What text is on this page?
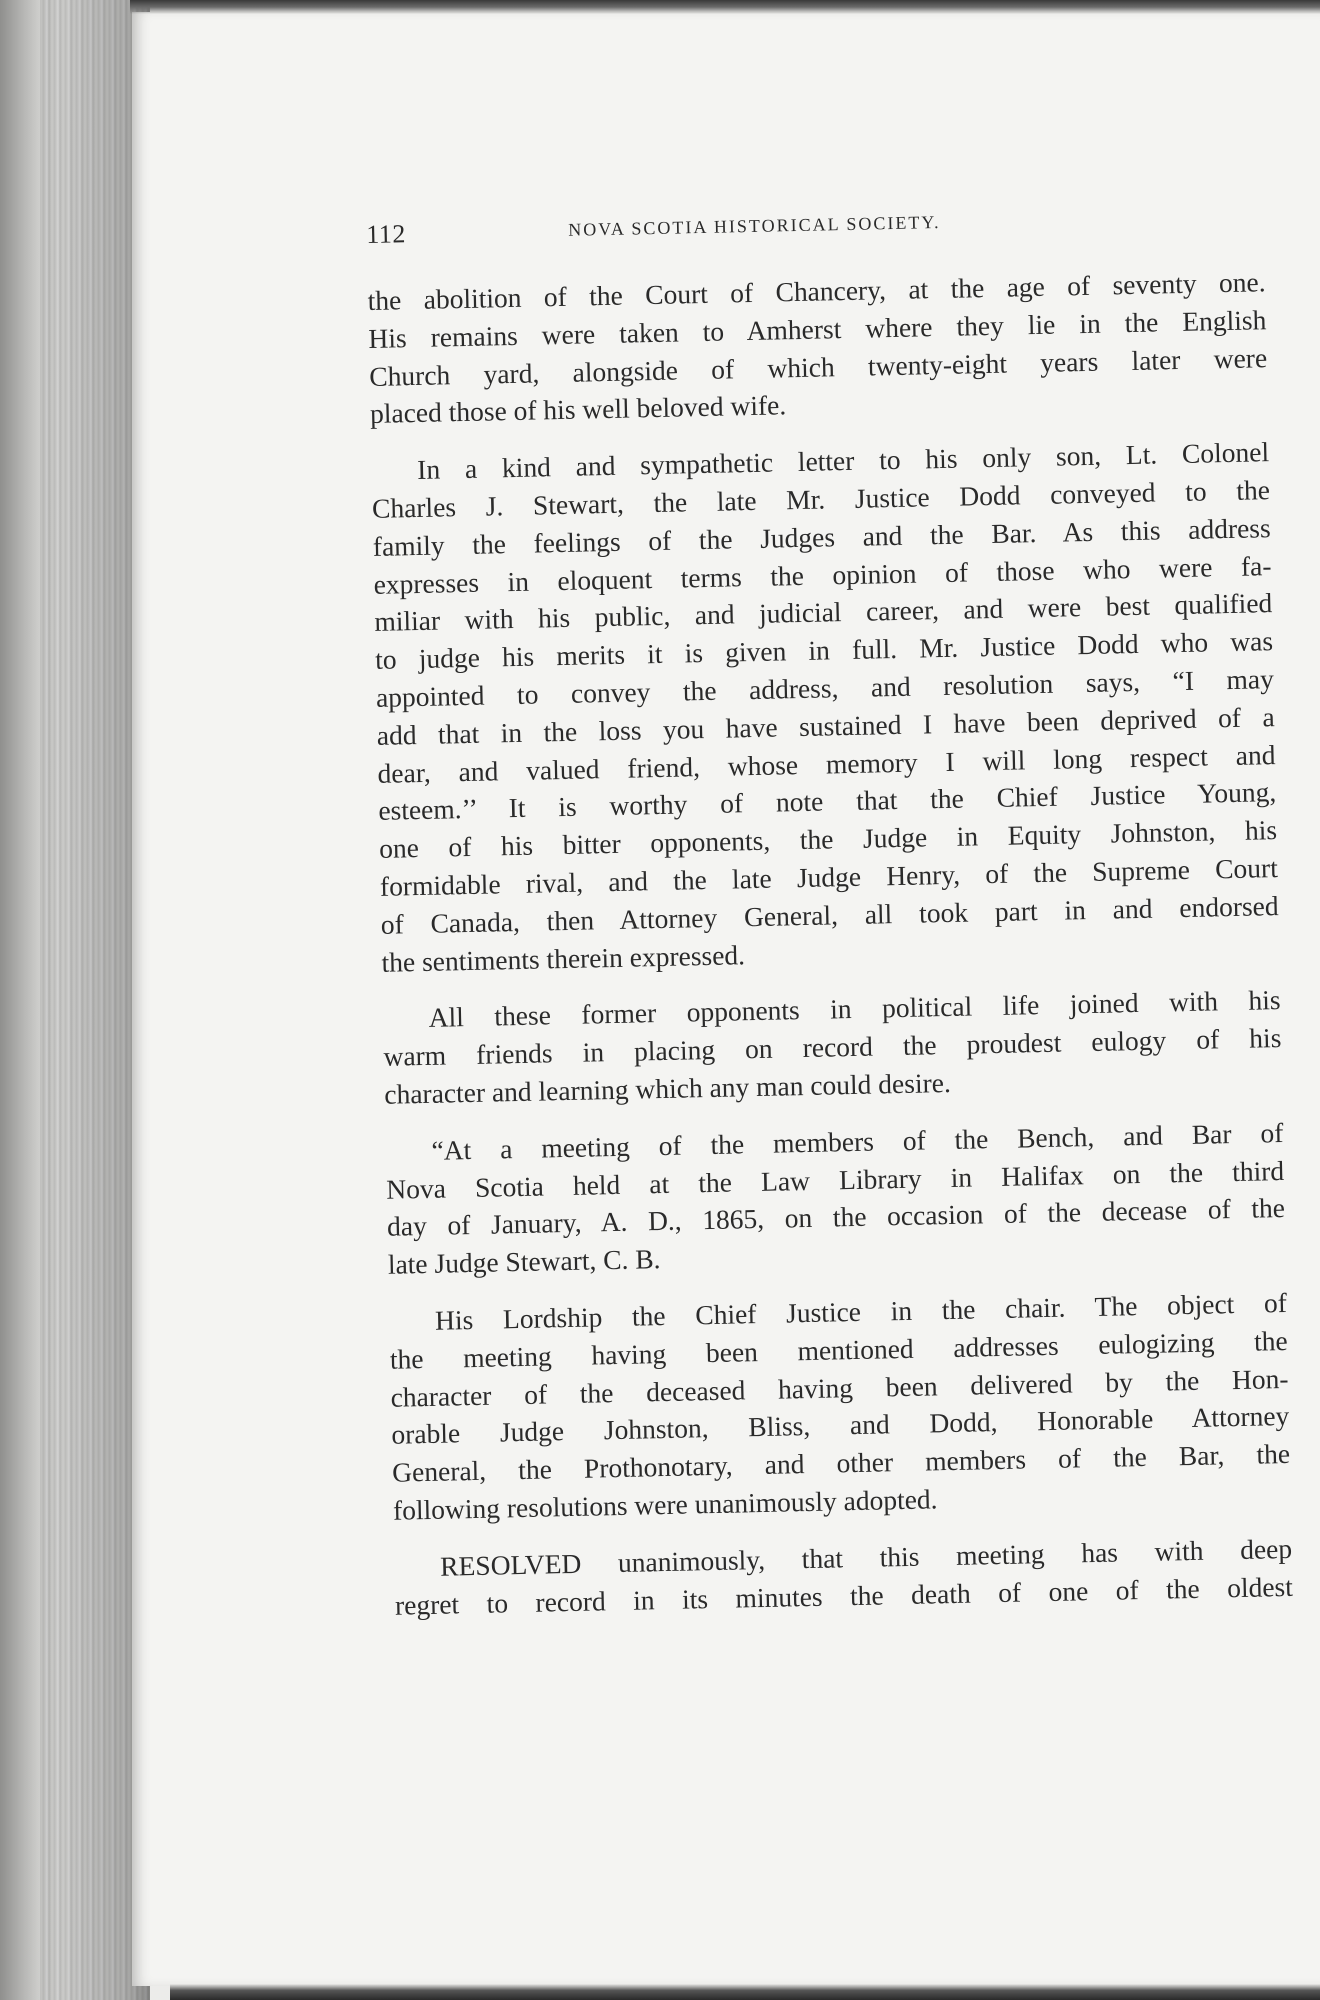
112	NOVA SCOTIA HISTORICAL SOCIETY.
the abolition of the Court of Chancery, at the age of seventy one.
His remains were taken to Amherst where they lie in the English
Church yard, alongside of which twenty-eight years later were
placed those of his well beloved wife.
In a kind and sympathetic letter to his only son, Lt. Colonel
Charles J. Stewart, the late Mr. Justice Dodd conveyed to the
family the feelings of the Judges and the Bar. As this address
expresses in eloquent terms the opinion of those who were fa-
miliar with his public, and judicial career, and were best qualified
to judge his merits it is given in full. Mr. Justice Dodd who was
appointed to convey the address, and resolution says, “I may
add that in the loss you have sustained I have been deprived of a
dear, and valued friend, whose memory I will long respect and
esteem.’’ It is worthy of note that the Chief Justice Young,
one of his bitter opponents, the Judge in Equity Johnston, his
formidable rival, and the late Judge Henry, of the Supreme Court
of Canada, then Attorney General, all took part in and endorsed
the sentiments therein expressed.
All these former opponents in political life joined with his
warm friends in placing on record the proudest eulogy of his
character and learning which any man could desire.
“At a meeting of the members of the Bench, and Bar of
Nova Scotia held at the Law Library in Halifax on the third
day of January, A. D., 1865, on the occasion of the decease of the
late Judge Stewart, C. B.
His Lordship the Chief Justice in the chair. The object of
the meeting having been mentioned addresses eulogizing the
character of the deceased having been delivered by the Hon-
orable Judge Johnston, Bliss, and Dodd, Honorable Attorney
General, the Prothonotary, and other members of the Bar, the
following resolutions were unanimously adopted.
RESOLVED unanimously, that this meeting has with deep
regret to record in its minutes the death of one of the oldest
